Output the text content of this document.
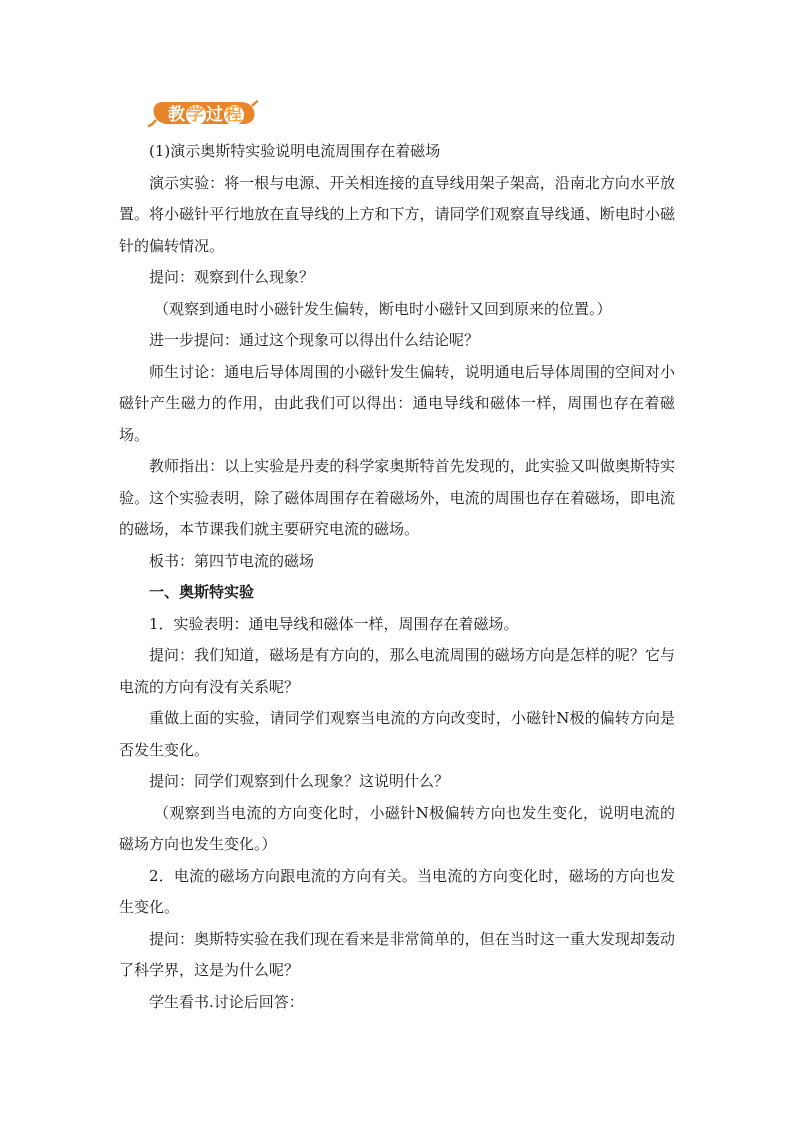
教学过程

(1)演示奥斯特实验说明电流周围存在着磁场

演示实验：将一根与电源、开关相连接的直导线用架子架高，沿南北方向水平放置。将小磁针平行地放在直导线的上方和下方，请同学们观察直导线通、断电时小磁针的偏转情况。

提问：观察到什么现象？

（观察到通电时小磁针发生偏转，断电时小磁针又回到原来的位置。）

进一步提问：通过这个现象可以得出什么结论呢？

师生讨论：通电后导体周围的小磁针发生偏转，说明通电后导体周围的空间对小磁针产生磁力的作用，由此我们可以得出：通电导线和磁体一样，周围也存在着磁场。

教师指出：以上实验是丹麦的科学家奥斯特首先发现的，此实验又叫做奥斯特实验。这个实验表明，除了磁体周围存在着磁场外，电流的周围也存在着磁场，即电流的磁场，本节课我们就主要研究电流的磁场。

板书：第四节电流的磁场

一、奥斯特实验

1．实验表明：通电导线和磁体一样，周围存在着磁场。

提问：我们知道，磁场是有方向的，那么电流周围的磁场方向是怎样的呢？它与电流的方向有没有关系呢？

重做上面的实验，请同学们观察当电流的方向改变时，小磁针N极的偏转方向是否发生变化。

提问：同学们观察到什么现象？这说明什么？

（观察到当电流的方向变化时，小磁针N极偏转方向也发生变化，说明电流的磁场方向也发生变化。）

2．电流的磁场方向跟电流的方向有关。当电流的方向变化时，磁场的方向也发生变化。

提问：奥斯特实验在我们现在看来是非常简单的，但在当时这一重大发现却轰动了科学界，这是为什么呢？

学生看书.讨论后回答：
